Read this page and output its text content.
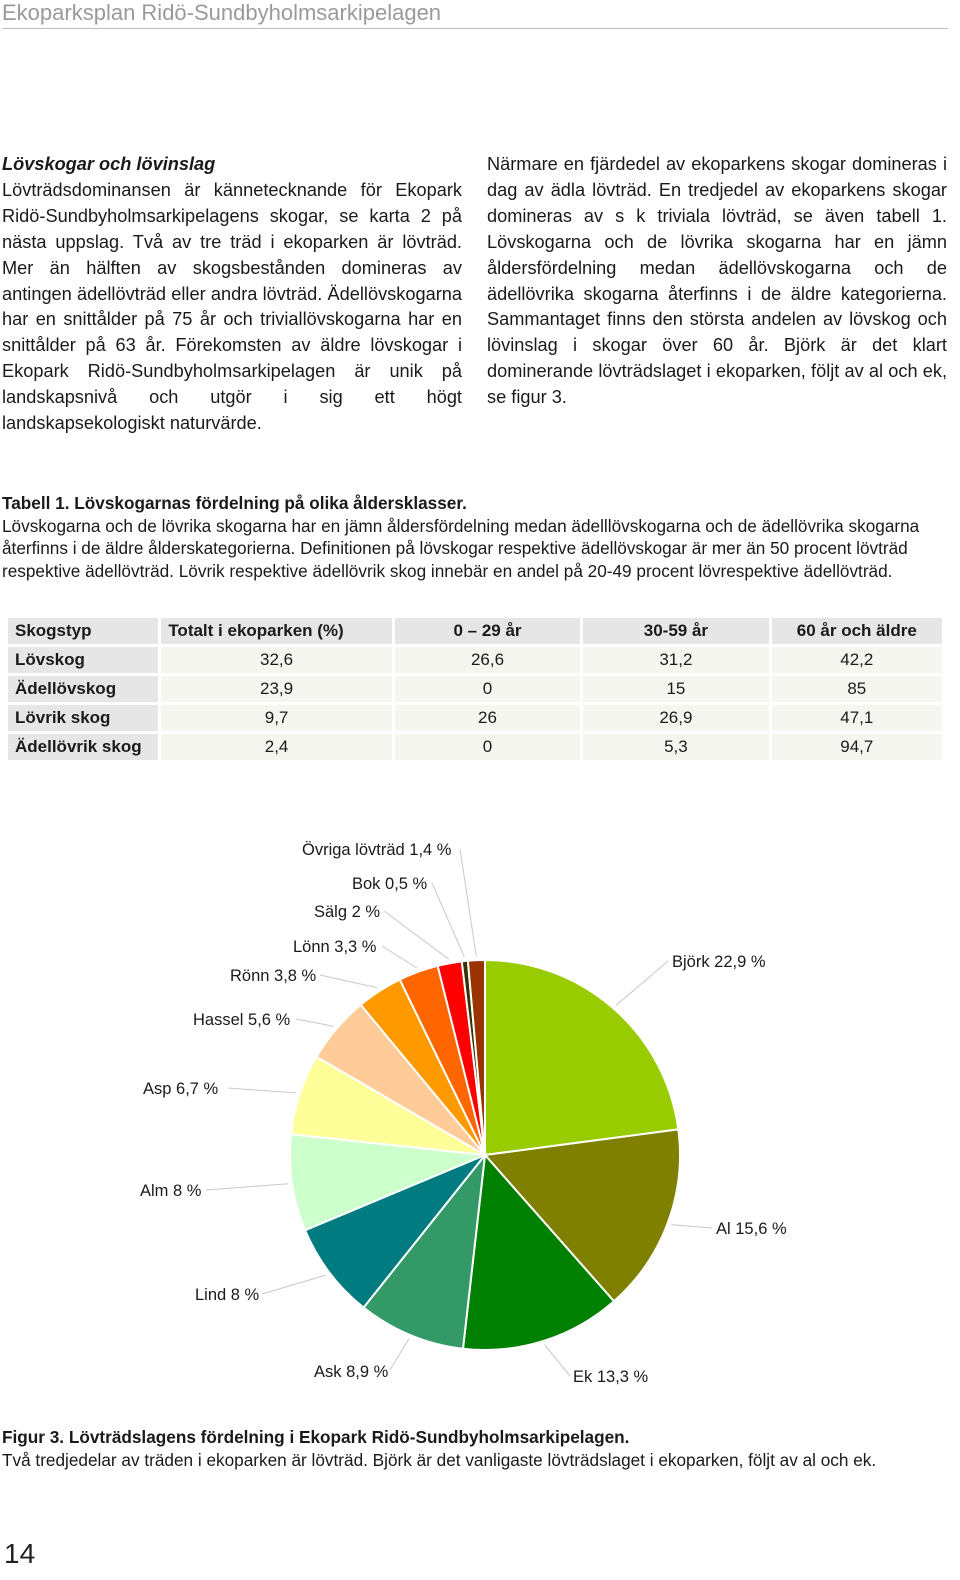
Ekoparksplan Ridö-Sundbyholmsarkipelagen
Lövskogar och lövinslag
Lövträdsdominansen är kännetecknande för Ekopark Ridö-Sundbyholmsarkipelagens skogar, se karta 2 på nästa uppslag. Två av tre träd i ekoparken är lövträd. Mer än hälften av skogsbestånden domineras av antingen ädellövträd eller andra lövträd. Ädellövskogarna har en snittålder på 75 år och triviallövskogarna har en snittålder på 63 år. Förekomsten av äldre lövskogar i Ekopark Ridö-Sundbyholmsarkipelagen är unik på landskapsnivå och utgör i sig ett högt landskapsekologiskt naturvärde.
Närmare en fjärdedel av ekoparkens skogar domineras i dag av ädla lövträd. En tredjedel av ekoparkens skogar domineras av s k triviala lövträd, se även tabell 1. Lövskogarna och de lövrika skogarna har en jämn åldersfördelning medan ädellövskogarna och de ädellövrika skogarna återfinns i de äldre kategorierna. Sammantaget finns den största andelen av lövskog och lövinslag i skogar över 60 år. Björk är det klart dominerande lövträdslaget i ekoparken, följt av al och ek, se figur 3.
Tabell 1. Lövskogarnas fördelning på olika åldersklasser.
Lövskogarna och de lövrika skogarna har en jämn åldersfördelning medan ädelllövskogarna och de ädellövrika skogarna återfinns i de äldre ålderskategorierna. Definitionen på lövskogar respektive ädellövskogar är mer än 50 procent lövträd respektive ädellövträd. Lövrik respektive ädellövrik skog innebär en andel på 20-49 procent lövrespektive ädellövträd.
Skogstyp	Totalt i ekoparken (%)	0 – 29 år	30-59 år	60 år och äldre
Lövskog	32,6	26,6	31,2	42,2
Ädellövskog	23,9	0	15	85
Lövrik skog	9,7	26	26,9	47,1
Ädellövrik skog	2,4	0	5,3	94,7
Björk 22,9 %
Al 15,6 %
Ek 13,3 %
Ask 8,9 %
Lind 8 %
Alm 8 %
Asp 6,7 %
Hassel 5,6 %
Rönn 3,8 %
Lönn 3,3 %
Sälg 2 %
Bok 0,5 %
Övriga lövträd 1,4 %
Figur 3. Lövträdslagens fördelning i Ekopark Ridö-Sundbyholmsarkipelagen.
Två tredjedelar av träden i ekoparken är lövträd. Björk är det vanligaste lövträdslaget i ekoparken, följt av al och ek.
14
